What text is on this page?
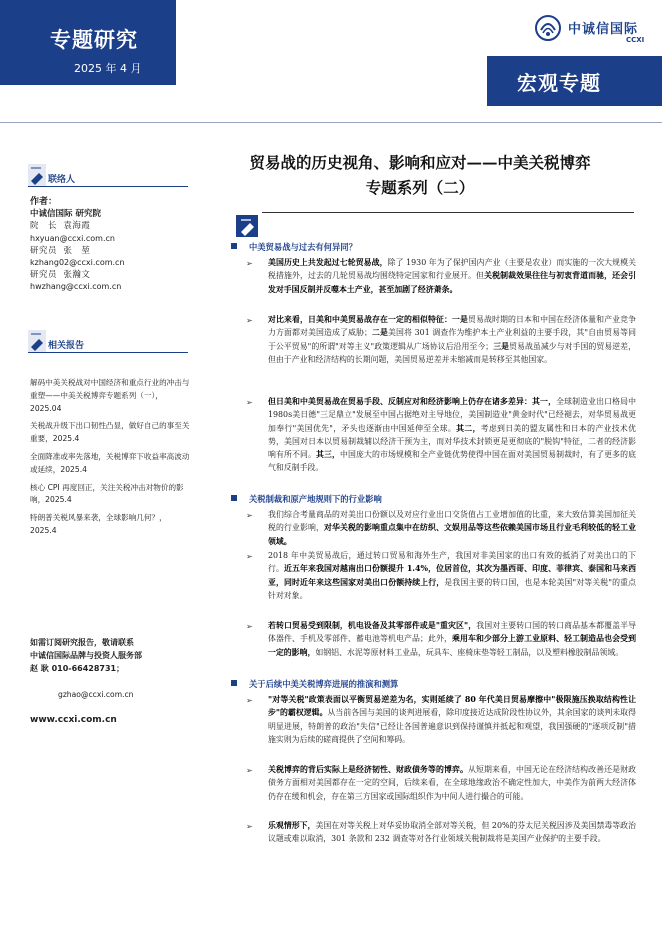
专题研究
2025 年 4 月
中诚信国际
CCXI
宏观专题
贸易战的历史视角、影响和应对——中美关税博弈
专题系列（二）
联络人
作者：
中诚信国际 研究院
院　长 袁海霞
hxyuan@ccxi.com.cn
研究员 张　堃
kzhang02@ccxi.com.cn
研究员 张瀚文
hwzhang@ccxi.com.cn
相关报告
解码中美关税战对中国经济和重点行业的冲击与重塑——中美关税博弈专题系列（一），2025.04
关税战升级下出口韧性凸显，做好自己的事至关重要，2025.4
全面降准或率先落地，关税博弈下收益率高波动或延续，2025.4
核心 CPI 再度回正，关注关税冲击对物价的影响，2025.4
特朗普关税风暴来袭，全球影响几何？，2025.4
如需订阅研究报告，敬请联系
中诚信国际品牌与投资人服务部
赵 耿 010-66428731；
gzhao@ccxi.com.cn
www.ccxi.com.cn
中美贸易战与过去有何异同？
➢ 美国历史上共发起过七轮贸易战，除了 1930 年为了保护国内产业（主要是农业）而实施的一次大规模关税措施外，过去的几轮贸易战均围绕特定国家和行业展开。但关税制裁效果往往与初衷背道而驰，还会引发对手国反制并反噬本土产业，甚至加剧了经济萧条。
➢ 对比来看，日美和中美贸易战存在一定的相似特征：一是贸易战时期的日本和中国在经济体量和产业竞争力方面都对美国造成了威胁；二是美国将 301 调查作为维护本土产业利益的主要手段，其"自由贸易等同于公平贸易"的所谓"对等主义"政策逻辑从广场协议后沿用至今；三是贸易战虽减少与对手国的贸易逆差，但由于产业和经济结构的长期问题，美国贸易逆差并未缩减而是转移至其他国家。
➢ 但日美和中美贸易战在贸易手段、反制应对和经济影响上仍存在诸多差异：其一，全球制造业出口格局中1980s美日德"三足鼎立"发展至中国占据绝对主导地位，美国制造业"黄金时代"已经褪去，对华贸易战更加奉行"美国优先"，矛头也逐渐由中国延伸至全球。其二，考虑到日美的盟友属性和日本的产业技术优势，美国对日本以贸易制裁辅以经济干预为主，而对华技术封锁更是更彻底的"脱钩"特征，二者的经济影响有所不同。其三，中国庞大的市场规模和全产业链优势使得中国在面对美国贸易制裁时，有了更多的底气和反制手段。
关税制裁和原产地规则下的行业影响
➢ 我们综合考量商品的对美出口份额以及对应行业出口交货值占工业增加值的比重，来大致估算美国加征关税的行业影响，对华关税的影响重点集中在纺织、文娱用品等这些依赖美国市场且行业毛利较低的轻工业领域。
➢ 2018 年中美贸易战后，通过转口贸易和海外生产，我国对非美国家的出口有效的抵消了对美出口的下行。近五年来我国对越南出口份额提升 1.4%，位居首位，其次为墨西哥、印度、菲律宾、泰国和马来西亚，同时近年来这些国家对美出口份额持续上行，是我国主要的转口国，也是本轮美国"对等关税"的重点针对对象。
➢ 若转口贸易受到限制，机电设备及其零部件或是"重灾区"，我国对主要转口国的转口商品基本都覆盖半导体器件、手机及零部件、蓄电池等机电产品；此外，乘用车和少部分上游工业原料、轻工制造品也会受到一定的影响，如钢铝、水泥等原材料工业品，玩具车、座椅床垫等轻工制品，以及塑料橡胶制品领域。
关于后续中美关税博弈进展的推演和测算
➢ "对等关税"政策表面以平衡贸易逆差为名，实则延续了 80 年代美日贸易摩擦中"极限施压换取结构性让步"的霸权逻辑。从当前各国与美国的谈判进展看，除印度接近达成阶段性协议外，其余国家的谈判未取得明显进展，特朗普的政治"失信"已经让各国普遍意识到保持谨慎并抵起和观望，我国强硬的"逐项反制"措施实则为后续的磋商提供了空间和筹码。
➢ 关税博弈的背后实际上是经济韧性、财政债务等的博弈。从短期来看，中国无论在经济结构改善还是财政债务方面相对美国都存在一定的空间，后续来看，在全球地缘政治不确定性加大，中美作为前两大经济体仍存在缓和机会，存在第三方国家或国际组织作为中间人进行撮合的可能。
➢ 乐观情形下，美国在对等关税上对华妥协取消全部对等关税，但 20%的芬太尼关税因涉及美国禁毒等政治议题或难以取消，301 条款和 232 调查等对各行业领域关税制裁将是美国产业保护的主要手段。
